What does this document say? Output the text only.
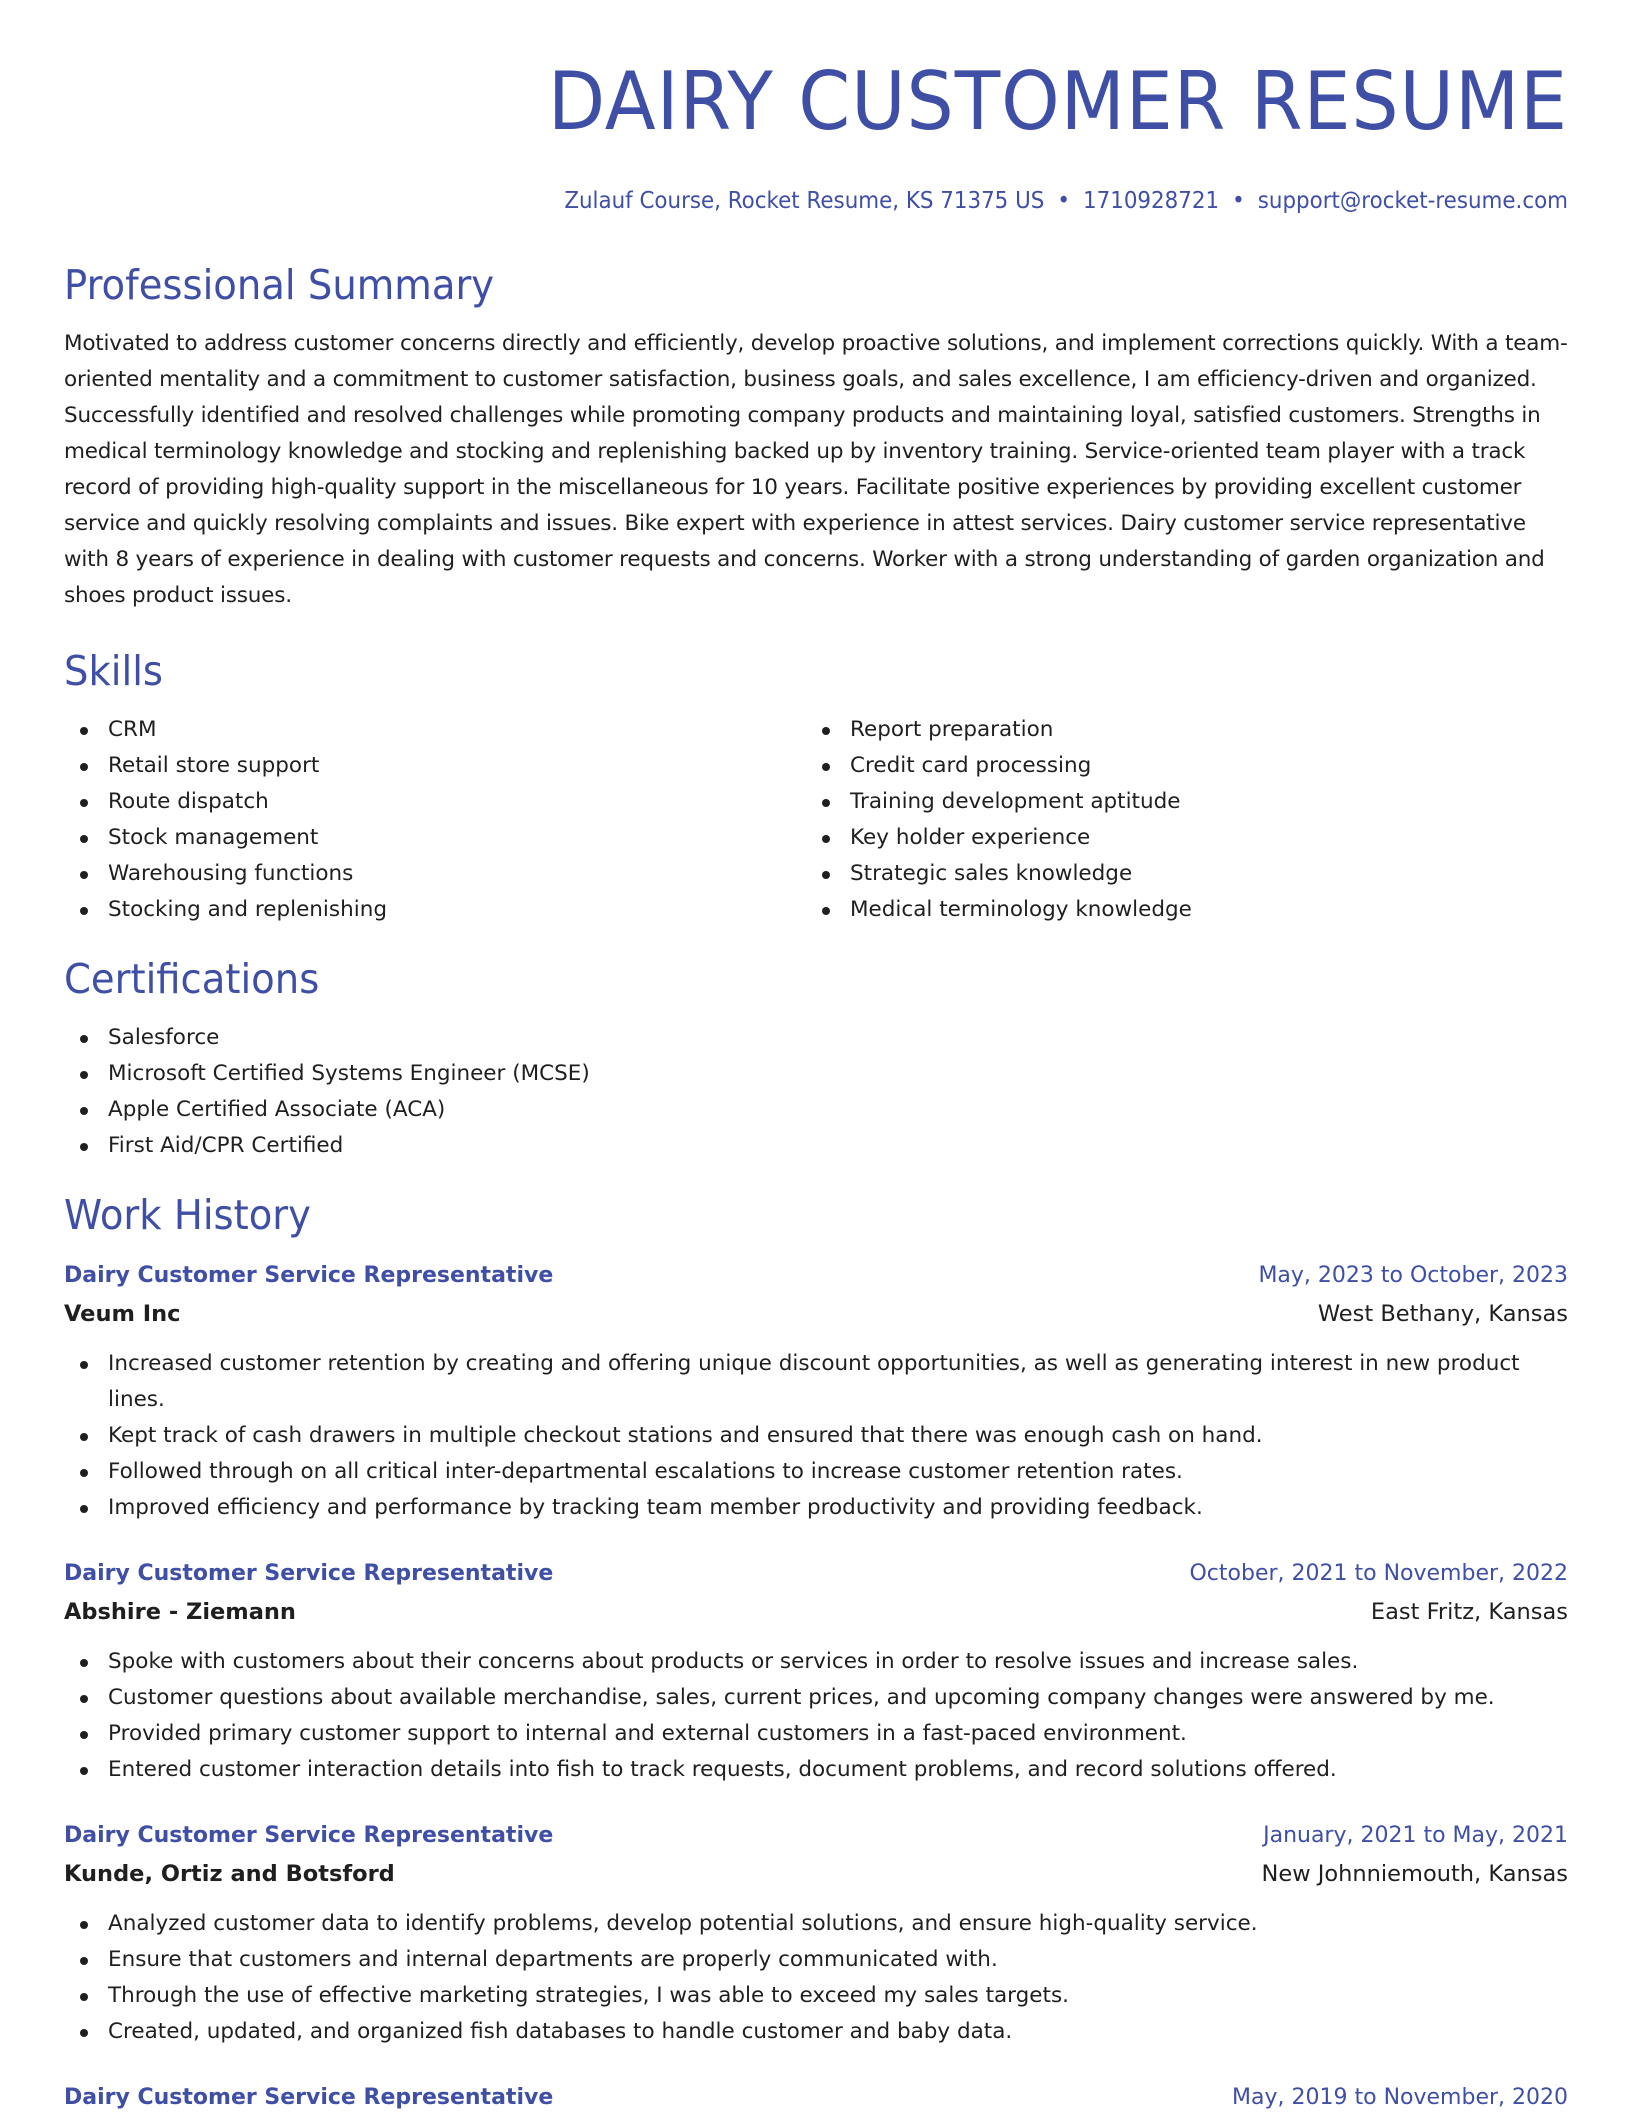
DAIRY CUSTOMER RESUME
Zulauf Course, Rocket Resume, KS 71375 US • 1710928721 • support@rocket-resume.com
Professional Summary

Motivated to address customer concerns directly and efficiently, develop proactive solutions, and implement corrections quickly. With a team-oriented mentality and a commitment to customer satisfaction, business goals, and sales excellence, I am efficiency-driven and organized. Successfully identified and resolved challenges while promoting company products and maintaining loyal, satisfied customers. Strengths in medical terminology knowledge and stocking and replenishing backed up by inventory training. Service-oriented team player with a track record of providing high-quality support in the miscellaneous for 10 years. Facilitate positive experiences by providing excellent customer service and quickly resolving complaints and issues. Bike expert with experience in attest services. Dairy customer service representative with 8 years of experience in dealing with customer requests and concerns. Worker with a strong understanding of garden organization and shoes product issues.

Skills
CRM
Retail store support
Route dispatch
Stock management
Warehousing functions
Stocking and replenishing
Report preparation
Credit card processing
Training development aptitude
Key holder experience
Strategic sales knowledge
Medical terminology knowledge
Certifications
Salesforce
Microsoft Certified Systems Engineer (MCSE)
Apple Certified Associate (ACA)
First Aid/CPR Certified
Work History
Dairy Customer Service Representative	May, 2023 to October, 2023
Veum Inc	West Bethany, Kansas
Increased customer retention by creating and offering unique discount opportunities, as well as generating interest in new product lines.
Kept track of cash drawers in multiple checkout stations and ensured that there was enough cash on hand.
Followed through on all critical inter-departmental escalations to increase customer retention rates.
Improved efficiency and performance by tracking team member productivity and providing feedback.
Dairy Customer Service Representative	October, 2021 to November, 2022
Abshire - Ziemann	East Fritz, Kansas
Spoke with customers about their concerns about products or services in order to resolve issues and increase sales.
Customer questions about available merchandise, sales, current prices, and upcoming company changes were answered by me.
Provided primary customer support to internal and external customers in a fast-paced environment.
Entered customer interaction details into fish to track requests, document problems, and record solutions offered.
Dairy Customer Service Representative	January, 2021 to May, 2021
Kunde, Ortiz and Botsford	New Johnniemouth, Kansas
Analyzed customer data to identify problems, develop potential solutions, and ensure high-quality service.
Ensure that customers and internal departments are properly communicated with.
Through the use of effective marketing strategies, I was able to exceed my sales targets.
Created, updated, and organized fish databases to handle customer and baby data.
Dairy Customer Service Representative	May, 2019 to November, 2020
